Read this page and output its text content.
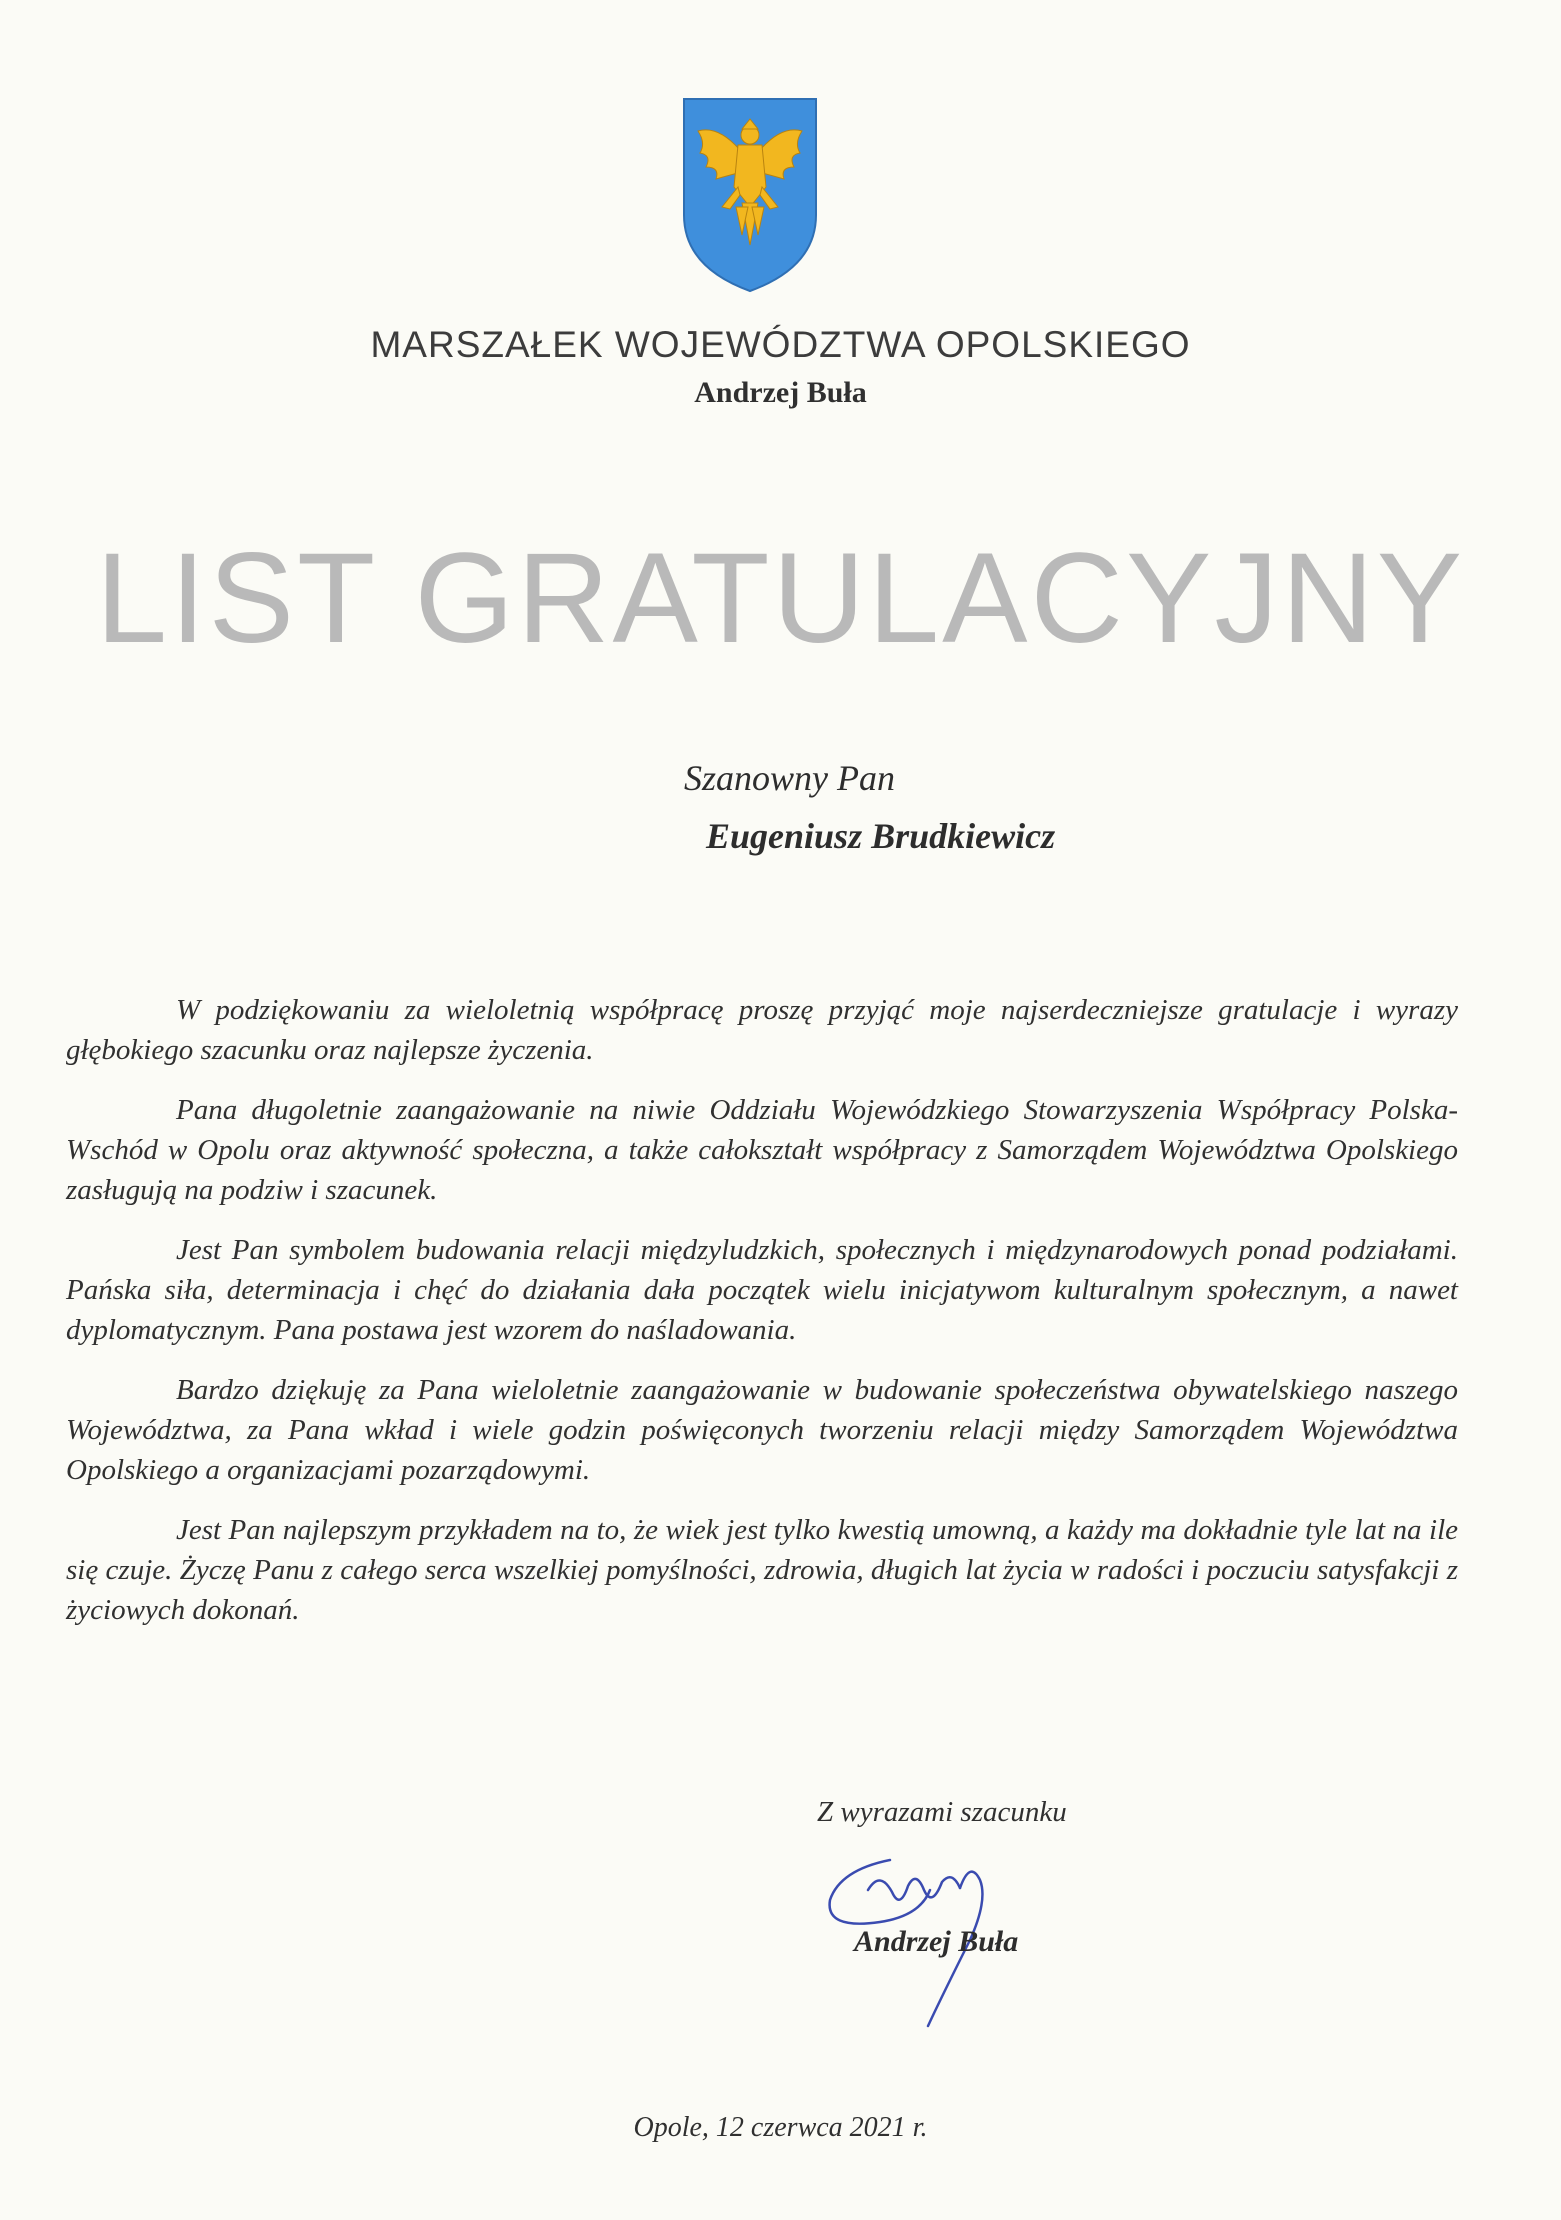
MARSZAŁEK WOJEWÓDZTWA OPOLSKIEGO
Andrzej Buła
LIST GRATULACYJNY
Szanowny Pan
Eugeniusz Brudkiewicz

W podziękowaniu za wieloletnią współpracę proszę przyjąć moje najserdeczniejsze gratulacje i wyrazy głębokiego szacunku oraz najlepsze życzenia.

Pana długoletnie zaangażowanie na niwie Oddziału Wojewódzkiego Stowarzyszenia Współpracy Polska-Wschód w Opolu oraz aktywność społeczna, a także całokształt współpracy z Samorządem Województwa Opolskiego zasługują na podziw i szacunek.

Jest Pan symbolem budowania relacji międzyludzkich, społecznych i międzynarodowych ponad podziałami. Pańska siła, determinacja i chęć do działania dała początek wielu inicjatywom kulturalnym społecznym, a nawet dyplomatycznym. Pana postawa jest wzorem do naśladowania.

Bardzo dziękuję za Pana wieloletnie zaangażowanie w budowanie społeczeństwa obywatelskiego naszego Województwa, za Pana wkład i wiele godzin poświęconych tworzeniu relacji między Samorządem Województwa Opolskiego a organizacjami pozarządowymi.

Jest Pan najlepszym przykładem na to, że wiek jest tylko kwestią umowną, a każdy ma dokładnie tyle lat na ile się czuje. Życzę Panu z całego serca wszelkiej pomyślności, zdrowia, długich lat życia w radości i poczuciu satysfakcji z życiowych dokonań.

Z wyrazami szacunku
Andrzej Buła
Opole, 12 czerwca 2021 r.
